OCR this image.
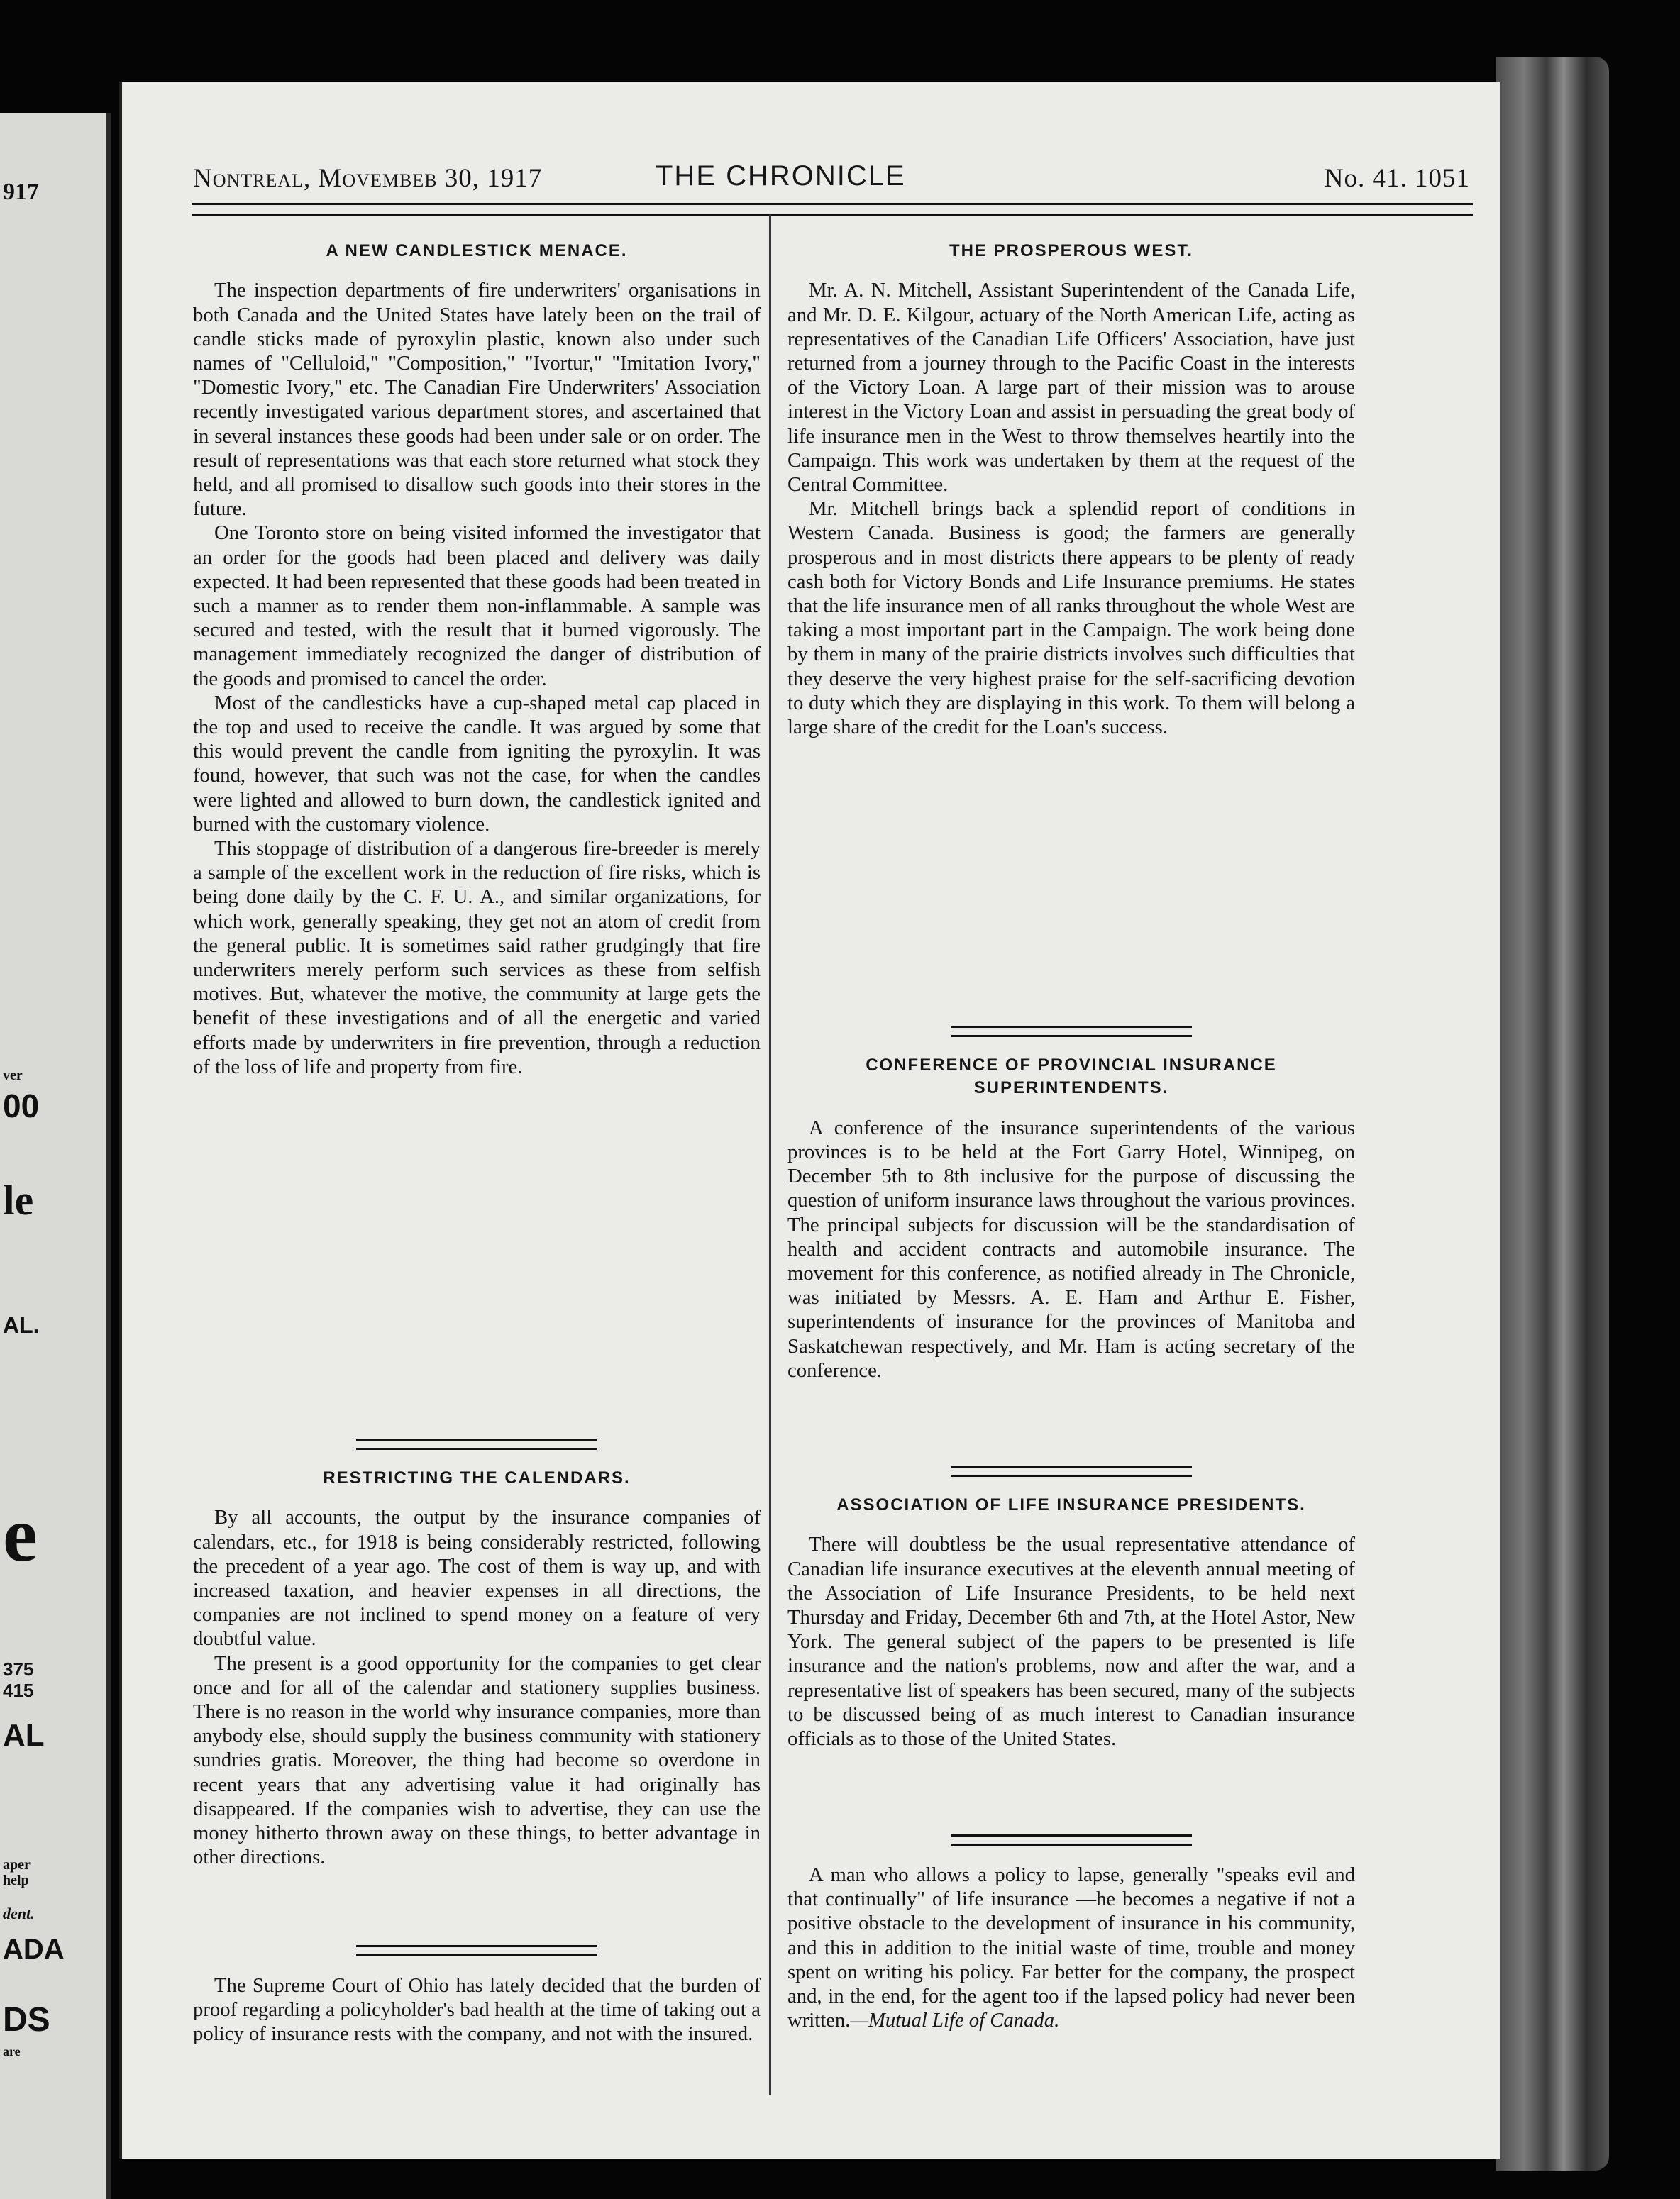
917
ver
00
le
AL.
e
375
415
AL
aper
help
dent.
ADA
DS
are
Nontreal, Movembeb 30, 1917	THE CHRONICLE	No. 41. 1051
A NEW CANDLESTICK MENACE.

The inspection departments of fire underwriters' organisations in both Canada and the United States have lately been on the trail of candle sticks made of pyroxylin plastic, known also under such names of "Celluloid," "Composition," "Ivortur," "Imitation Ivory," "Domestic Ivory," etc. The Canadian Fire Underwriters' Association recently investigated various department stores, and ascertained that in several instances these goods had been under sale or on order. The result of representations was that each store returned what stock they held, and all promised to disallow such goods into their stores in the future.

One Toronto store on being visited informed the investigator that an order for the goods had been placed and delivery was daily expected. It had been represented that these goods had been treated in such a manner as to render them non-inflammable. A sample was secured and tested, with the result that it burned vigorously. The management immediately recognized the danger of distribution of the goods and promised to cancel the order.

Most of the candlesticks have a cup-shaped metal cap placed in the top and used to receive the candle. It was argued by some that this would prevent the candle from igniting the pyroxylin. It was found, however, that such was not the case, for when the candles were lighted and allowed to burn down, the candlestick ignited and burned with the customary violence.

This stoppage of distribution of a dangerous fire-breeder is merely a sample of the excellent work in the reduction of fire risks, which is being done daily by the C. F. U. A., and similar organizations, for which work, generally speaking, they get not an atom of credit from the general public. It is sometimes said rather grudgingly that fire underwriters merely perform such services as these from selfish motives. But, whatever the motive, the community at large gets the benefit of these investigations and of all the energetic and varied efforts made by underwriters in fire prevention, through a reduction of the loss of life and property from fire.

RESTRICTING THE CALENDARS.

By all accounts, the output by the insurance companies of calendars, etc., for 1918 is being considerably restricted, following the precedent of a year ago. The cost of them is way up, and with increased taxation, and heavier expenses in all directions, the companies are not inclined to spend money on a feature of very doubtful value.

The present is a good opportunity for the companies to get clear once and for all of the calendar and stationery supplies business. There is no reason in the world why insurance companies, more than anybody else, should supply the business community with stationery sundries gratis. Moreover, the thing had become so overdone in recent years that any advertising value it had originally has disappeared. If the companies wish to advertise, they can use the money hitherto thrown away on these things, to better advantage in other directions.

The Supreme Court of Ohio has lately decided that the burden of proof regarding a policyholder's bad health at the time of taking out a policy of insurance rests with the company, and not with the insured.

THE PROSPEROUS WEST.

Mr. A. N. Mitchell, Assistant Superintendent of the Canada Life, and Mr. D. E. Kilgour, actuary of the North American Life, acting as representatives of the Canadian Life Officers' Association, have just returned from a journey through to the Pacific Coast in the interests of the Victory Loan. A large part of their mission was to arouse interest in the Victory Loan and assist in persuading the great body of life insurance men in the West to throw themselves heartily into the Campaign. This work was undertaken by them at the request of the Central Committee.

Mr. Mitchell brings back a splendid report of conditions in Western Canada. Business is good; the farmers are generally prosperous and in most districts there appears to be plenty of ready cash both for Victory Bonds and Life Insurance premiums. He states that the life insurance men of all ranks throughout the whole West are taking a most important part in the Campaign. The work being done by them in many of the prairie districts involves such difficulties that they deserve the very highest praise for the self-sacrificing devotion to duty which they are displaying in this work. To them will belong a large share of the credit for the Loan's success.

CONFERENCE OF PROVINCIAL INSURANCE SUPERINTENDENTS.

A conference of the insurance superintendents of the various provinces is to be held at the Fort Garry Hotel, Winnipeg, on December 5th to 8th inclusive for the purpose of discussing the question of uniform insurance laws throughout the various provinces. The principal subjects for discussion will be the standardisation of health and accident contracts and automobile insurance. The movement for this conference, as notified already in The Chronicle, was initiated by Messrs. A. E. Ham and Arthur E. Fisher, superintendents of insurance for the provinces of Manitoba and Saskatchewan respectively, and Mr. Ham is acting secretary of the conference.

ASSOCIATION OF LIFE INSURANCE PRESIDENTS.

There will doubtless be the usual representative attendance of Canadian life insurance executives at the eleventh annual meeting of the Association of Life Insurance Presidents, to be held next Thursday and Friday, December 6th and 7th, at the Hotel Astor, New York. The general subject of the papers to be presented is life insurance and the nation's problems, now and after the war, and a representative list of speakers has been secured, many of the subjects to be discussed being of as much interest to Canadian insurance officials as to those of the United States.

A man who allows a policy to lapse, generally "speaks evil and that continually" of life insurance —he becomes a negative if not a positive obstacle to the development of insurance in his community, and this in addition to the initial waste of time, trouble and money spent on writing his policy. Far better for the company, the prospect and, in the end, for the agent too if the lapsed policy had never been written.—Mutual Life of Canada.
